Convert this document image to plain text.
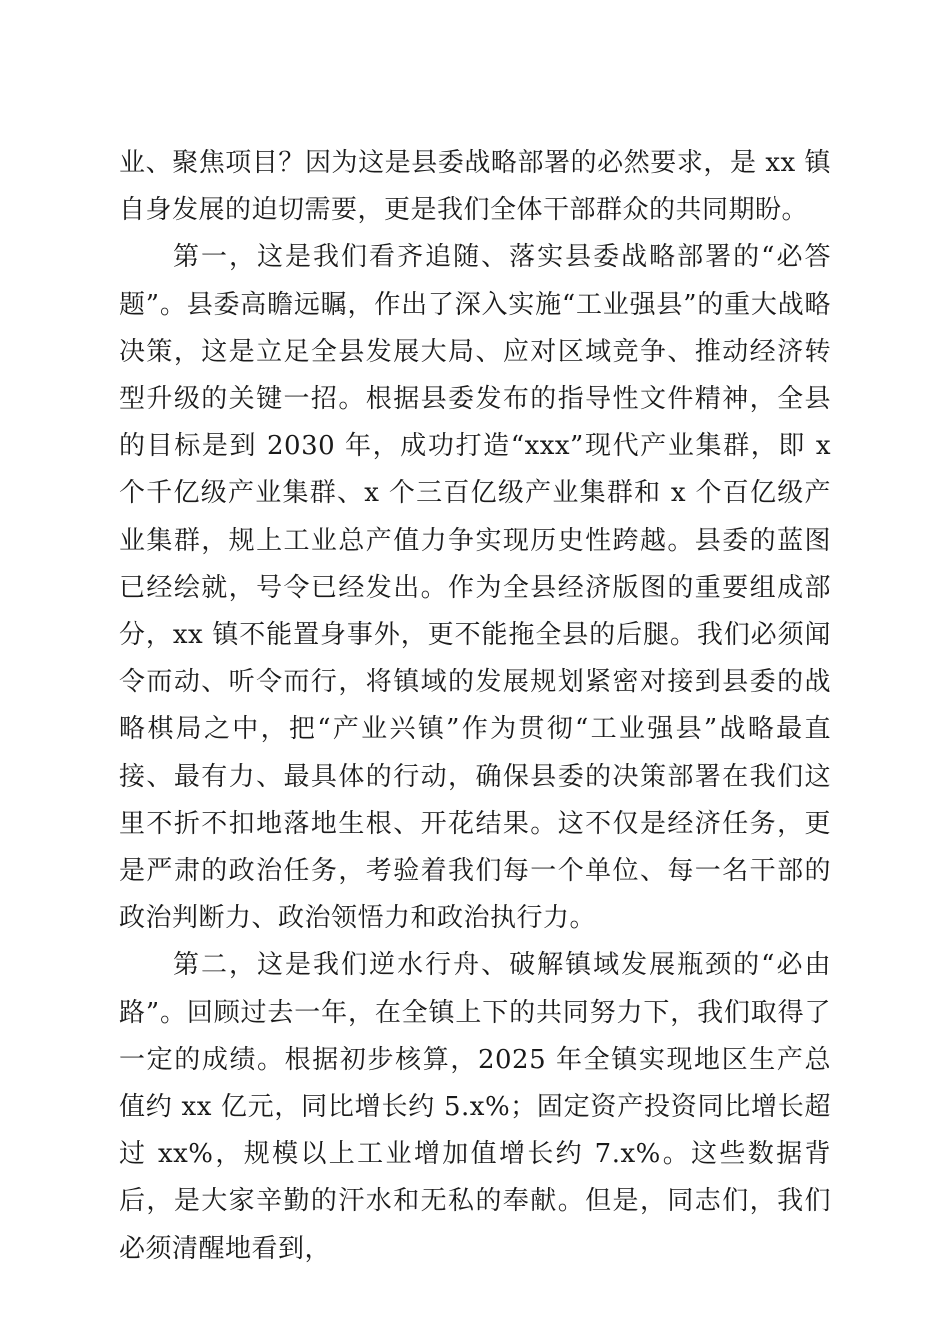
业、聚焦项目？因为这是县委战略部署的必然要求，是 xx 镇自身发展的迫切需要，更是我们全体干部群众的共同期盼。

第一，这是我们看齐追随、落实县委战略部署的“必答题”。县委高瞻远瞩，作出了深入实施“工业强县”的重大战略决策，这是立足全县发展大局、应对区域竞争、推动经济转型升级的关键一招。根据县委发布的指导性文件精神，全县的目标是到 2030 年，成功打造“xxx”现代产业集群，即 x 个千亿级产业集群、x 个三百亿级产业集群和 x 个百亿级产业集群，规上工业总产值力争实现历史性跨越。县委的蓝图已经绘就，号令已经发出。作为全县经济版图的重要组成部分，xx 镇不能置身事外，更不能拖全县的后腿。我们必须闻令而动、听令而行，将镇域的发展规划紧密对接到县委的战略棋局之中，把“产业兴镇”作为贯彻“工业强县”战略最直接、最有力、最具体的行动，确保县委的决策部署在我们这里不折不扣地落地生根、开花结果。这不仅是经济任务，更是严肃的政治任务，考验着我们每一个单位、每一名干部的政治判断力、政治领悟力和政治执行力。

第二，这是我们逆水行舟、破解镇域发展瓶颈的“必由路”。回顾过去一年，在全镇上下的共同努力下，我们取得了一定的成绩。根据初步核算，2025 年全镇实现地区生产总值约 xx 亿元，同比增长约 5.x%；固定资产投资同比增长超过 xx%，规模以上工业增加值增长约 7.x%。这些数据背后，是大家辛勤的汗水和无私的奉献。但是，同志们，我们必须清醒地看到，
